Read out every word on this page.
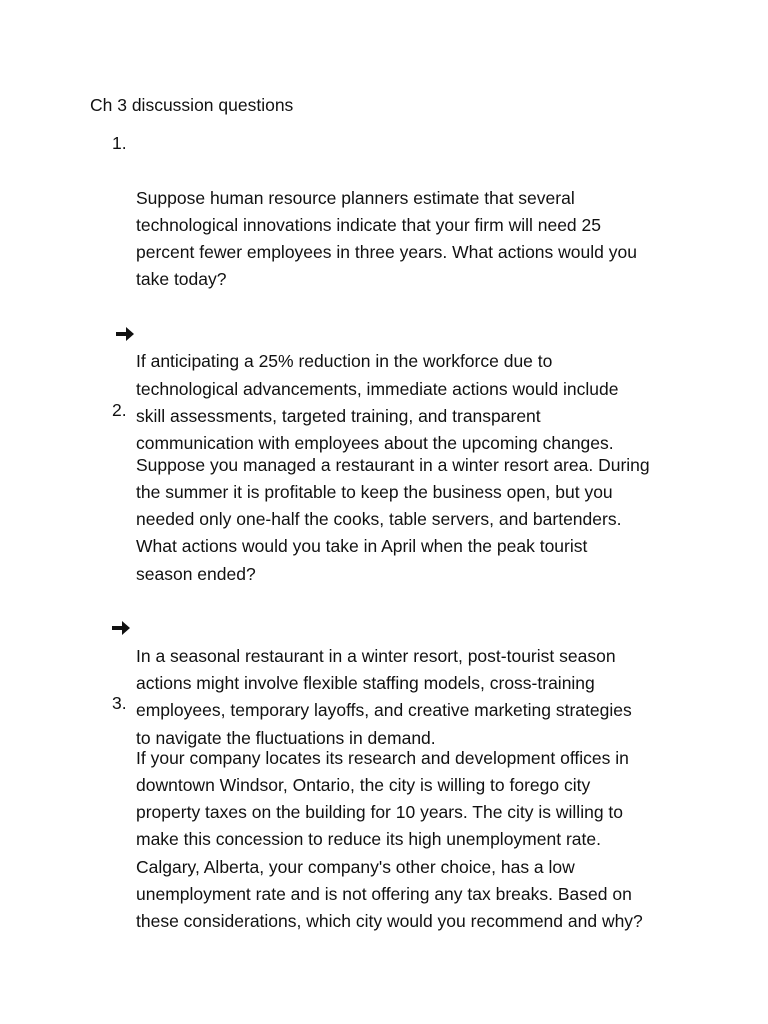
Ch 3 discussion questions

1.

Suppose human resource planners estimate that several
technological innovations indicate that your firm will need 25
percent fewer employees in three years. What actions would you
take today?

If anticipating a 25% reduction in the workforce due to
technological advancements, immediate actions would include
skill assessments, targeted training, and transparent
communication with employees about the upcoming changes.

2.

Suppose you managed a restaurant in a winter resort area. During
the summer it is profitable to keep the business open, but you
needed only one-half the cooks, table servers, and bartenders.
What actions would you take in April when the peak tourist
season ended?

In a seasonal restaurant in a winter resort, post-tourist season
actions might involve flexible staffing models, cross-training
employees, temporary layoffs, and creative marketing strategies
to navigate the fluctuations in demand.

3.

If your company locates its research and development offices in
downtown Windsor, Ontario, the city is willing to forego city
property taxes on the building for 10 years. The city is willing to
make this concession to reduce its high unemployment rate.
Calgary, Alberta, your company's other choice, has a low
unemployment rate and is not offering any tax breaks. Based on
these considerations, which city would you recommend and why?
